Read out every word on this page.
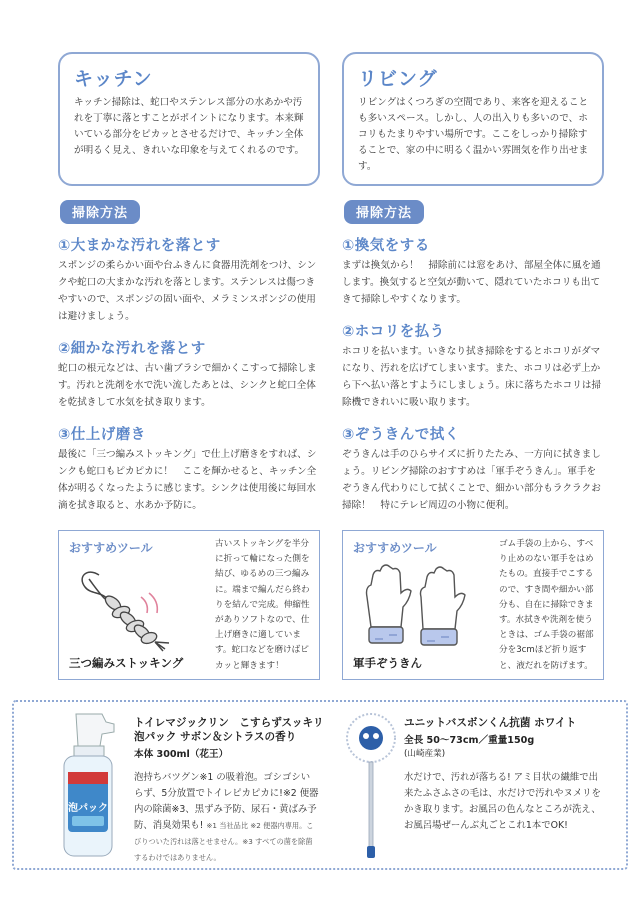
キッチン
キッチン掃除は、蛇口やステンレス部分の水あかや汚れを丁寧に落とすことがポイントになります。本来輝いている部分をピカッとさせるだけで、キッチン全体が明るく見え、きれいな印象を与えてくれるのです。
掃除方法
①大まかな汚れを落とす
スポンジの柔らかい面や台ふきんに食器用洗剤をつけ、シンクや蛇口の大まかな汚れを落とします。ステンレスは傷つきやすいので、スポンジの固い面や、メラミンスポンジの使用は避けましょう。
②細かな汚れを落とす
蛇口の根元などは、古い歯ブラシで細かくこすって掃除します。汚れと洗剤を水で洗い流したあとは、シンクと蛇口全体を乾拭きして水気を拭き取ります。
③仕上げ磨き
最後に「三つ編みストッキング」で仕上げ磨きをすれば、シンクも蛇口もピカピカに！　ここを輝かせると、キッチン全体が明るくなったように感じます。シンクは使用後に毎回水滴を拭き取ると、水あか予防に。
リビング
リビングはくつろぎの空間であり、来客を迎えることも多いスペース。しかし、人の出入りも多いので、ホコリもたまりやすい場所です。ここをしっかり掃除することで、家の中に明るく温かい雰囲気を作り出せます。
掃除方法
①換気をする
まずは換気から！　掃除前には窓をあけ、部屋全体に風を通します。換気すると空気が動いて、隠れていたホコリも出てきて掃除しやすくなります。
②ホコリを払う
ホコリを払います。いきなり拭き掃除をするとホコリがダマになり、汚れを広げてしまいます。また、ホコリは必ず上から下へ払い落とすようにしましょう。床に落ちたホコリは掃除機できれいに吸い取ります。
③ぞうきんで拭く
ぞうきんは手のひらサイズに折りたたみ、一方向に拭きましょう。リビング掃除のおすすめは「軍手ぞうきん」。軍手をぞうきん代わりにして拭くことで、細かい部分もラクラクお掃除！　特にテレビ周辺の小物に便利。
おすすめツール
三つ編みストッキング
古いストッキングを半分に折って輪になった側を結び、ゆるめの三つ編みに。端まで編んだら終わりを結んで完成。伸縮性がありソフトなので、仕上げ磨きに適しています。蛇口などを磨けばピカッと輝きます！
おすすめツール
軍手ぞうきん
ゴム手袋の上から、すべり止めのない軍手をはめたもの。直接手でこするので、すき間や細かい部分も、自在に掃除できます。水拭きや洗剤を使うときは、ゴム手袋の裾部分を3cmほど折り返すと、液だれを防げます。
泡パック
トイレマジックリン　こすらずスッキリ泡パック サボン＆シトラスの香り
本体 300ml（花王）
泡持ちバツグン※1 の吸着泡。ゴシゴシいらず、5分放置でトイレピカピカに!※2 便器内の除菌※3、黒ずみ予防、尿石・黄ばみ予防、消臭効果も! ※1 当社品比 ※2 便器内専用。こびりついた汚れは落とせません。※3 すべての菌を除菌するわけではありません。
ユニットバスボンくん抗菌 ホワイト
全長 50～73cm／重量150g
(山崎産業)
水だけで、汚れが落ちる! アミ目状の繊維で出来たふさふさの毛は、水だけで汚れやヌメリをかき取ります。お風呂の色んなところが洗え、お風呂場ぜーんぶ丸ごとこれ1本でOK!
